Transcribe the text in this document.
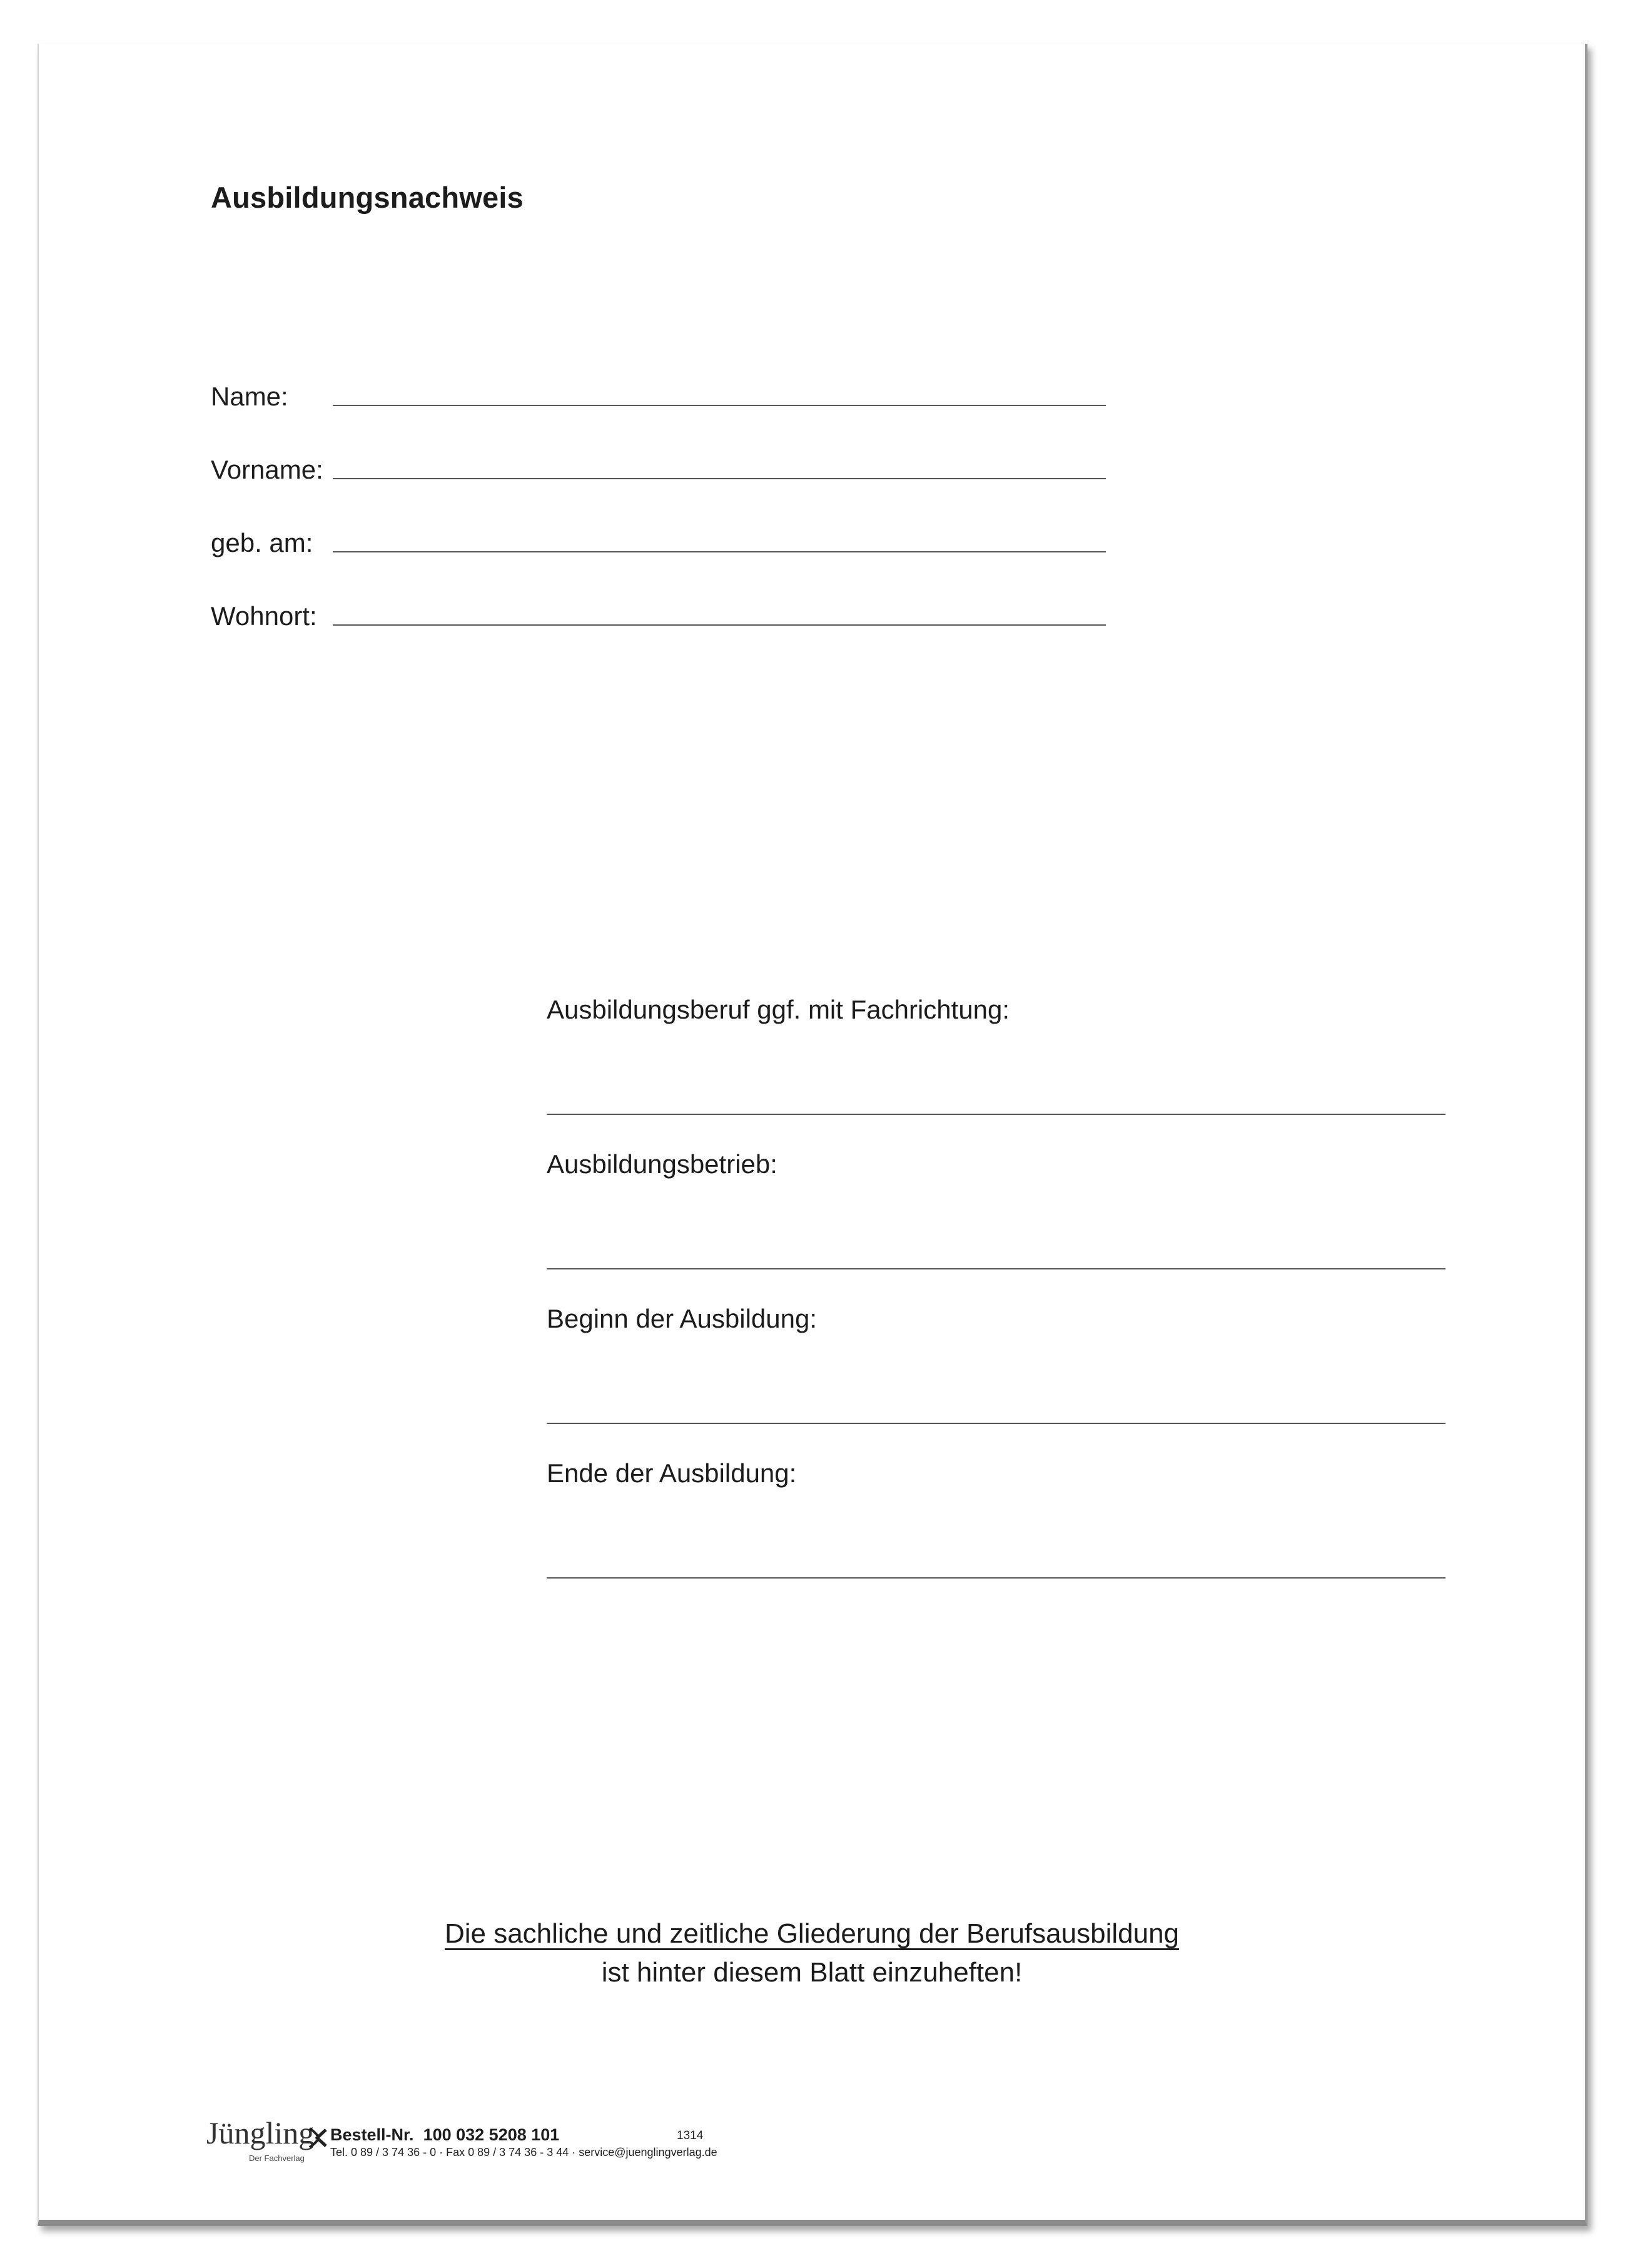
Ausbildungsnachweis
Name:
Vorname:
geb. am:
Wohnort:
Ausbildungsberuf ggf. mit Fachrichtung:
Ausbildungsbetrieb:
Beginn der Ausbildung:
Ende der Ausbildung:
Die sachliche und zeitliche Gliederung der Berufsausbildung
ist hinter diesem Blatt einzuheften!
Jüngling
Der Fachverlag
Bestell-Nr. 100 032 5208 101	1314
Tel. 0 89 / 3 74 36 - 0 · Fax 0 89 / 3 74 36 - 3 44 · service@juenglingverlag.de
